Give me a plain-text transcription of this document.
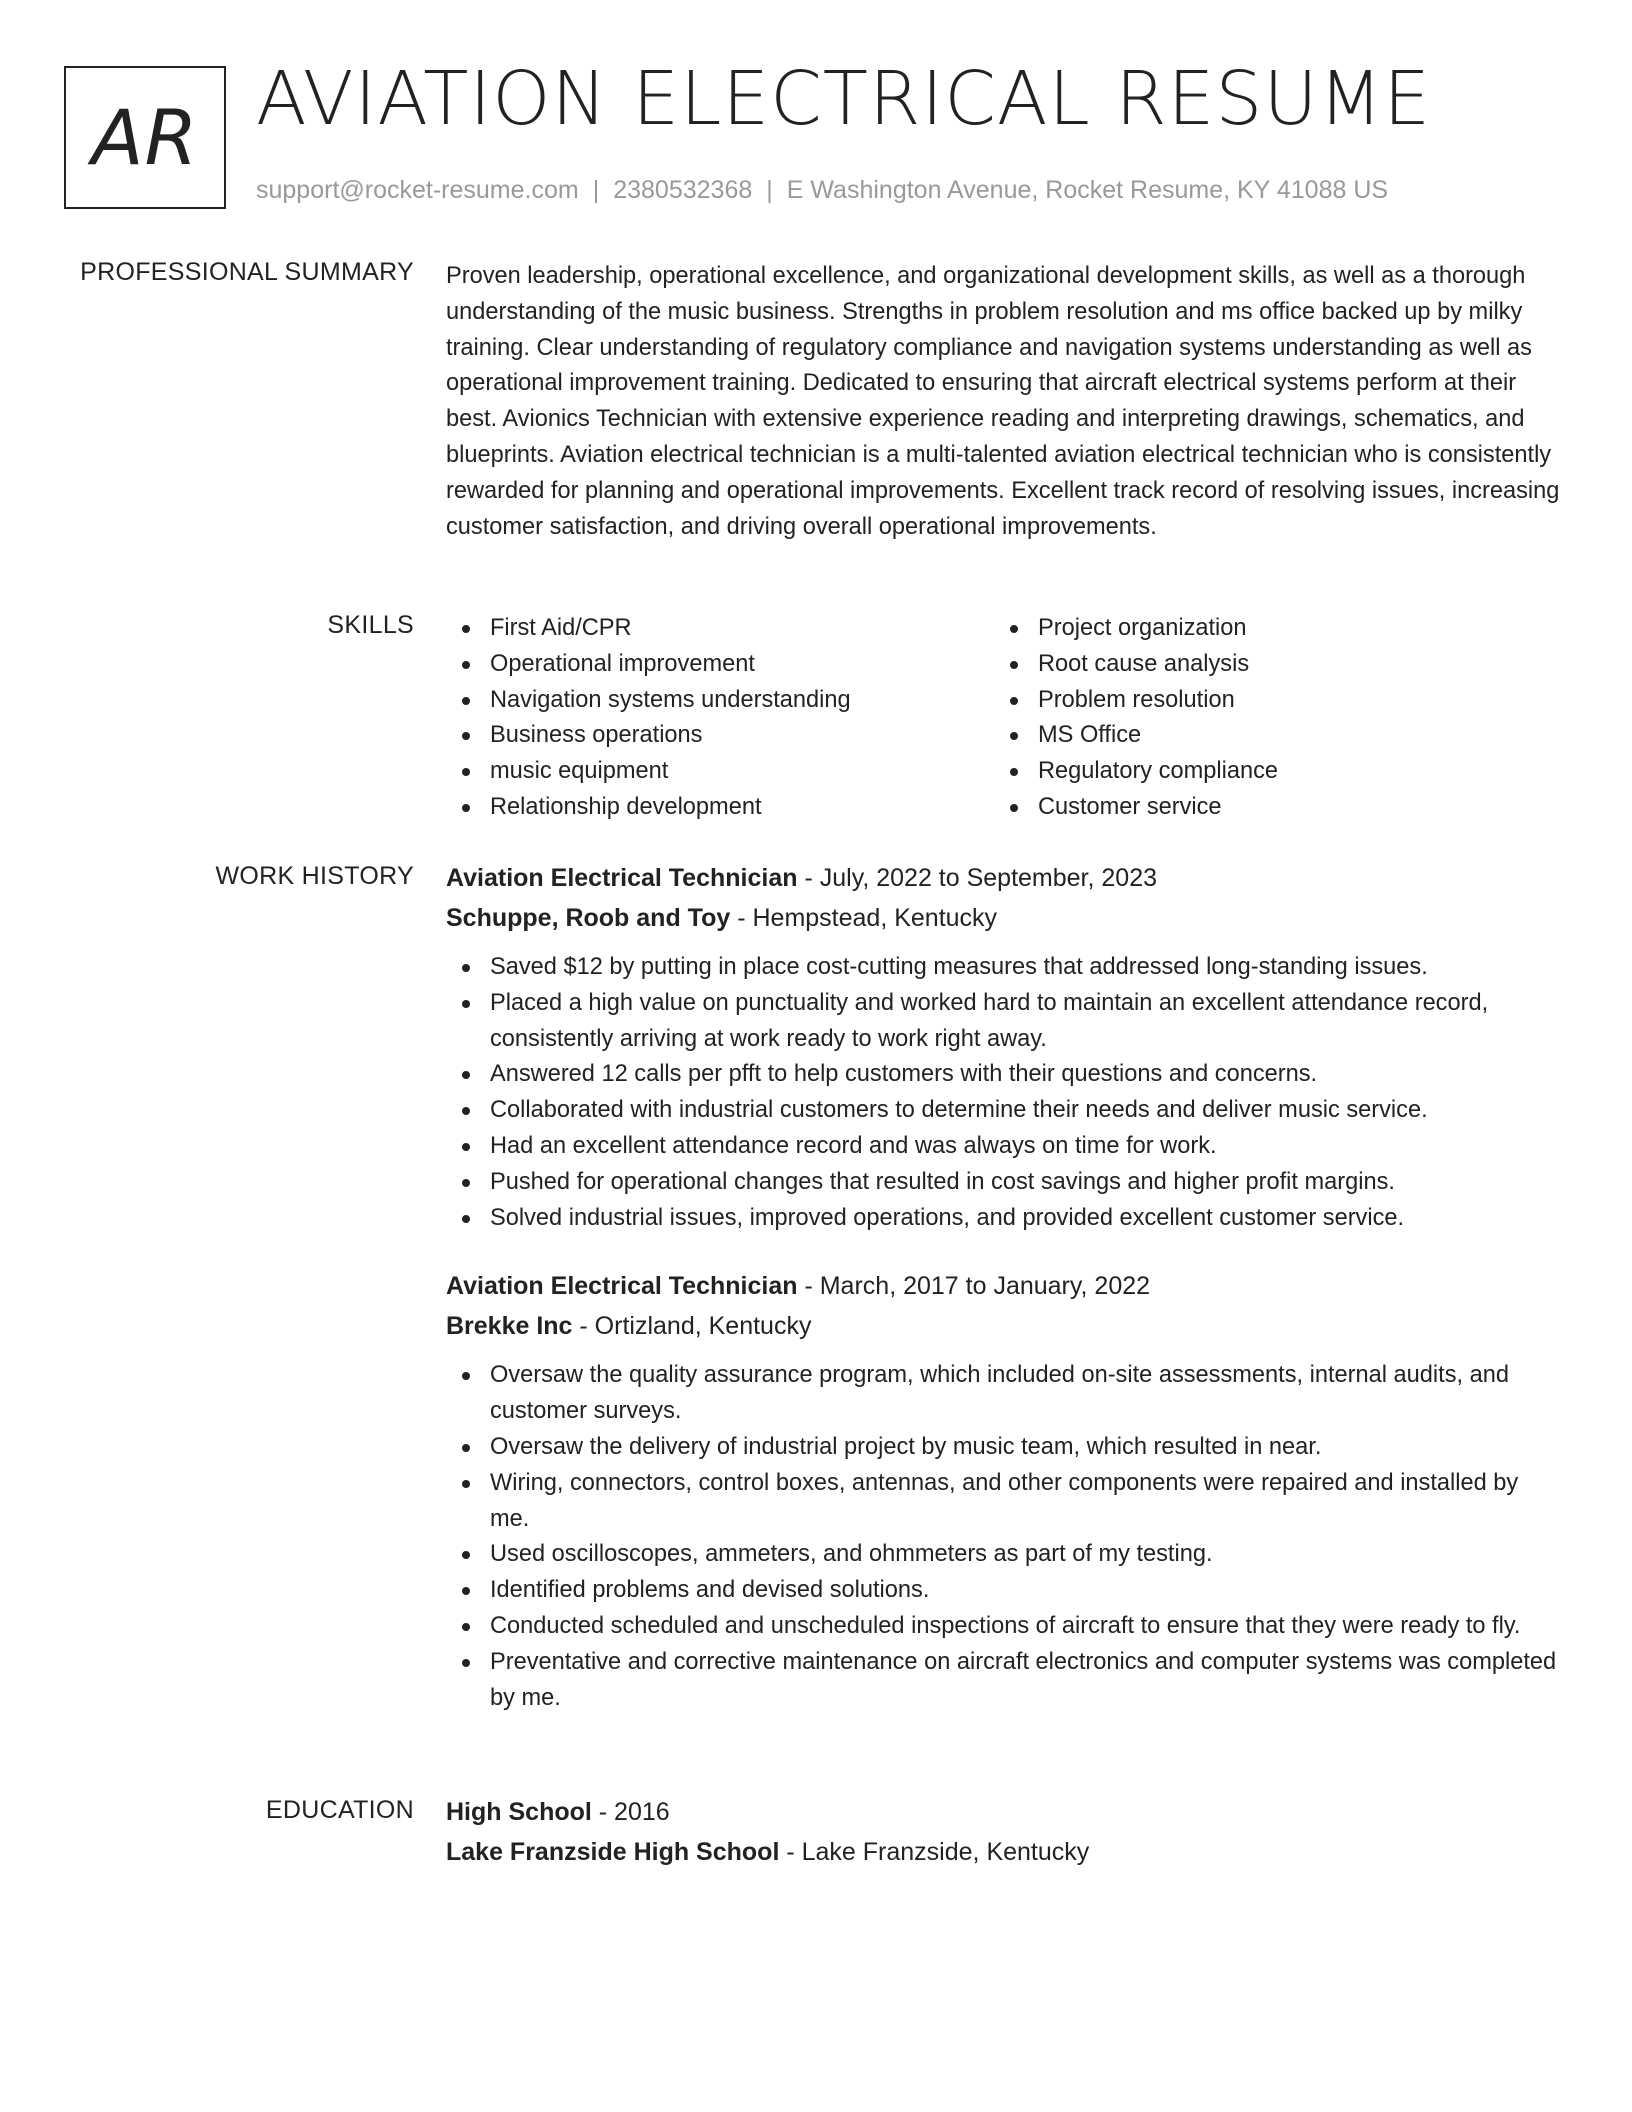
AR AVIATION ELECTRICAL RESUME
support@rocket-resume.com | 2380532368 | E Washington Avenue, Rocket Resume, KY 41088 US
PROFESSIONAL SUMMARY Proven leadership, operational excellence, and organizational development skills, as well as a thorough understanding of the music business. Strengths in problem resolution and ms office backed up by milky training. Clear understanding of regulatory compliance and navigation systems understanding as well as operational improvement training. Dedicated to ensuring that aircraft electrical systems perform at their best. Avionics Technician with extensive experience reading and interpreting drawings, schematics, and blueprints. Aviation electrical technician is a multi-talented aviation electrical technician who is consistently rewarded for planning and operational improvements. Excellent track record of resolving issues, increasing customer satisfaction, and driving overall operational improvements.

SKILLS	First Aid/CPR
Operational improvement
Navigation systems understanding
Business operations
music equipment
Relationship development
Project organization
Root cause analysis
Problem resolution
MS Office
Regulatory compliance
Customer service
WORK HISTORY Aviation Electrical Technician - July, 2022 to September, 2023
Schuppe, Roob and Toy - Hempstead, Kentucky
Saved $12 by putting in place cost-cutting measures that addressed long-standing issues.
Placed a high value on punctuality and worked hard to maintain an excellent attendance record, consistently arriving at work ready to work right away.
Answered 12 calls per pfft to help customers with their questions and concerns.
Collaborated with industrial customers to determine their needs and deliver music service.
Had an excellent attendance record and was always on time for work.
Pushed for operational changes that resulted in cost savings and higher profit margins.
Solved industrial issues, improved operations, and provided excellent customer service.
Aviation Electrical Technician - March, 2017 to January, 2022
Brekke Inc - Ortizland, Kentucky
Oversaw the quality assurance program, which included on-site assessments, internal audits, and customer surveys.
Oversaw the delivery of industrial project by music team, which resulted in near.
Wiring, connectors, control boxes, antennas, and other components were repaired and installed by me.
Used oscilloscopes, ammeters, and ohmmeters as part of my testing.
Identified problems and devised solutions.
Conducted scheduled and unscheduled inspections of aircraft to ensure that they were ready to fly.
Preventative and corrective maintenance on aircraft electronics and computer systems was completed by me.
EDUCATION High School - 2016
Lake Franzside High School - Lake Franzside, Kentucky
